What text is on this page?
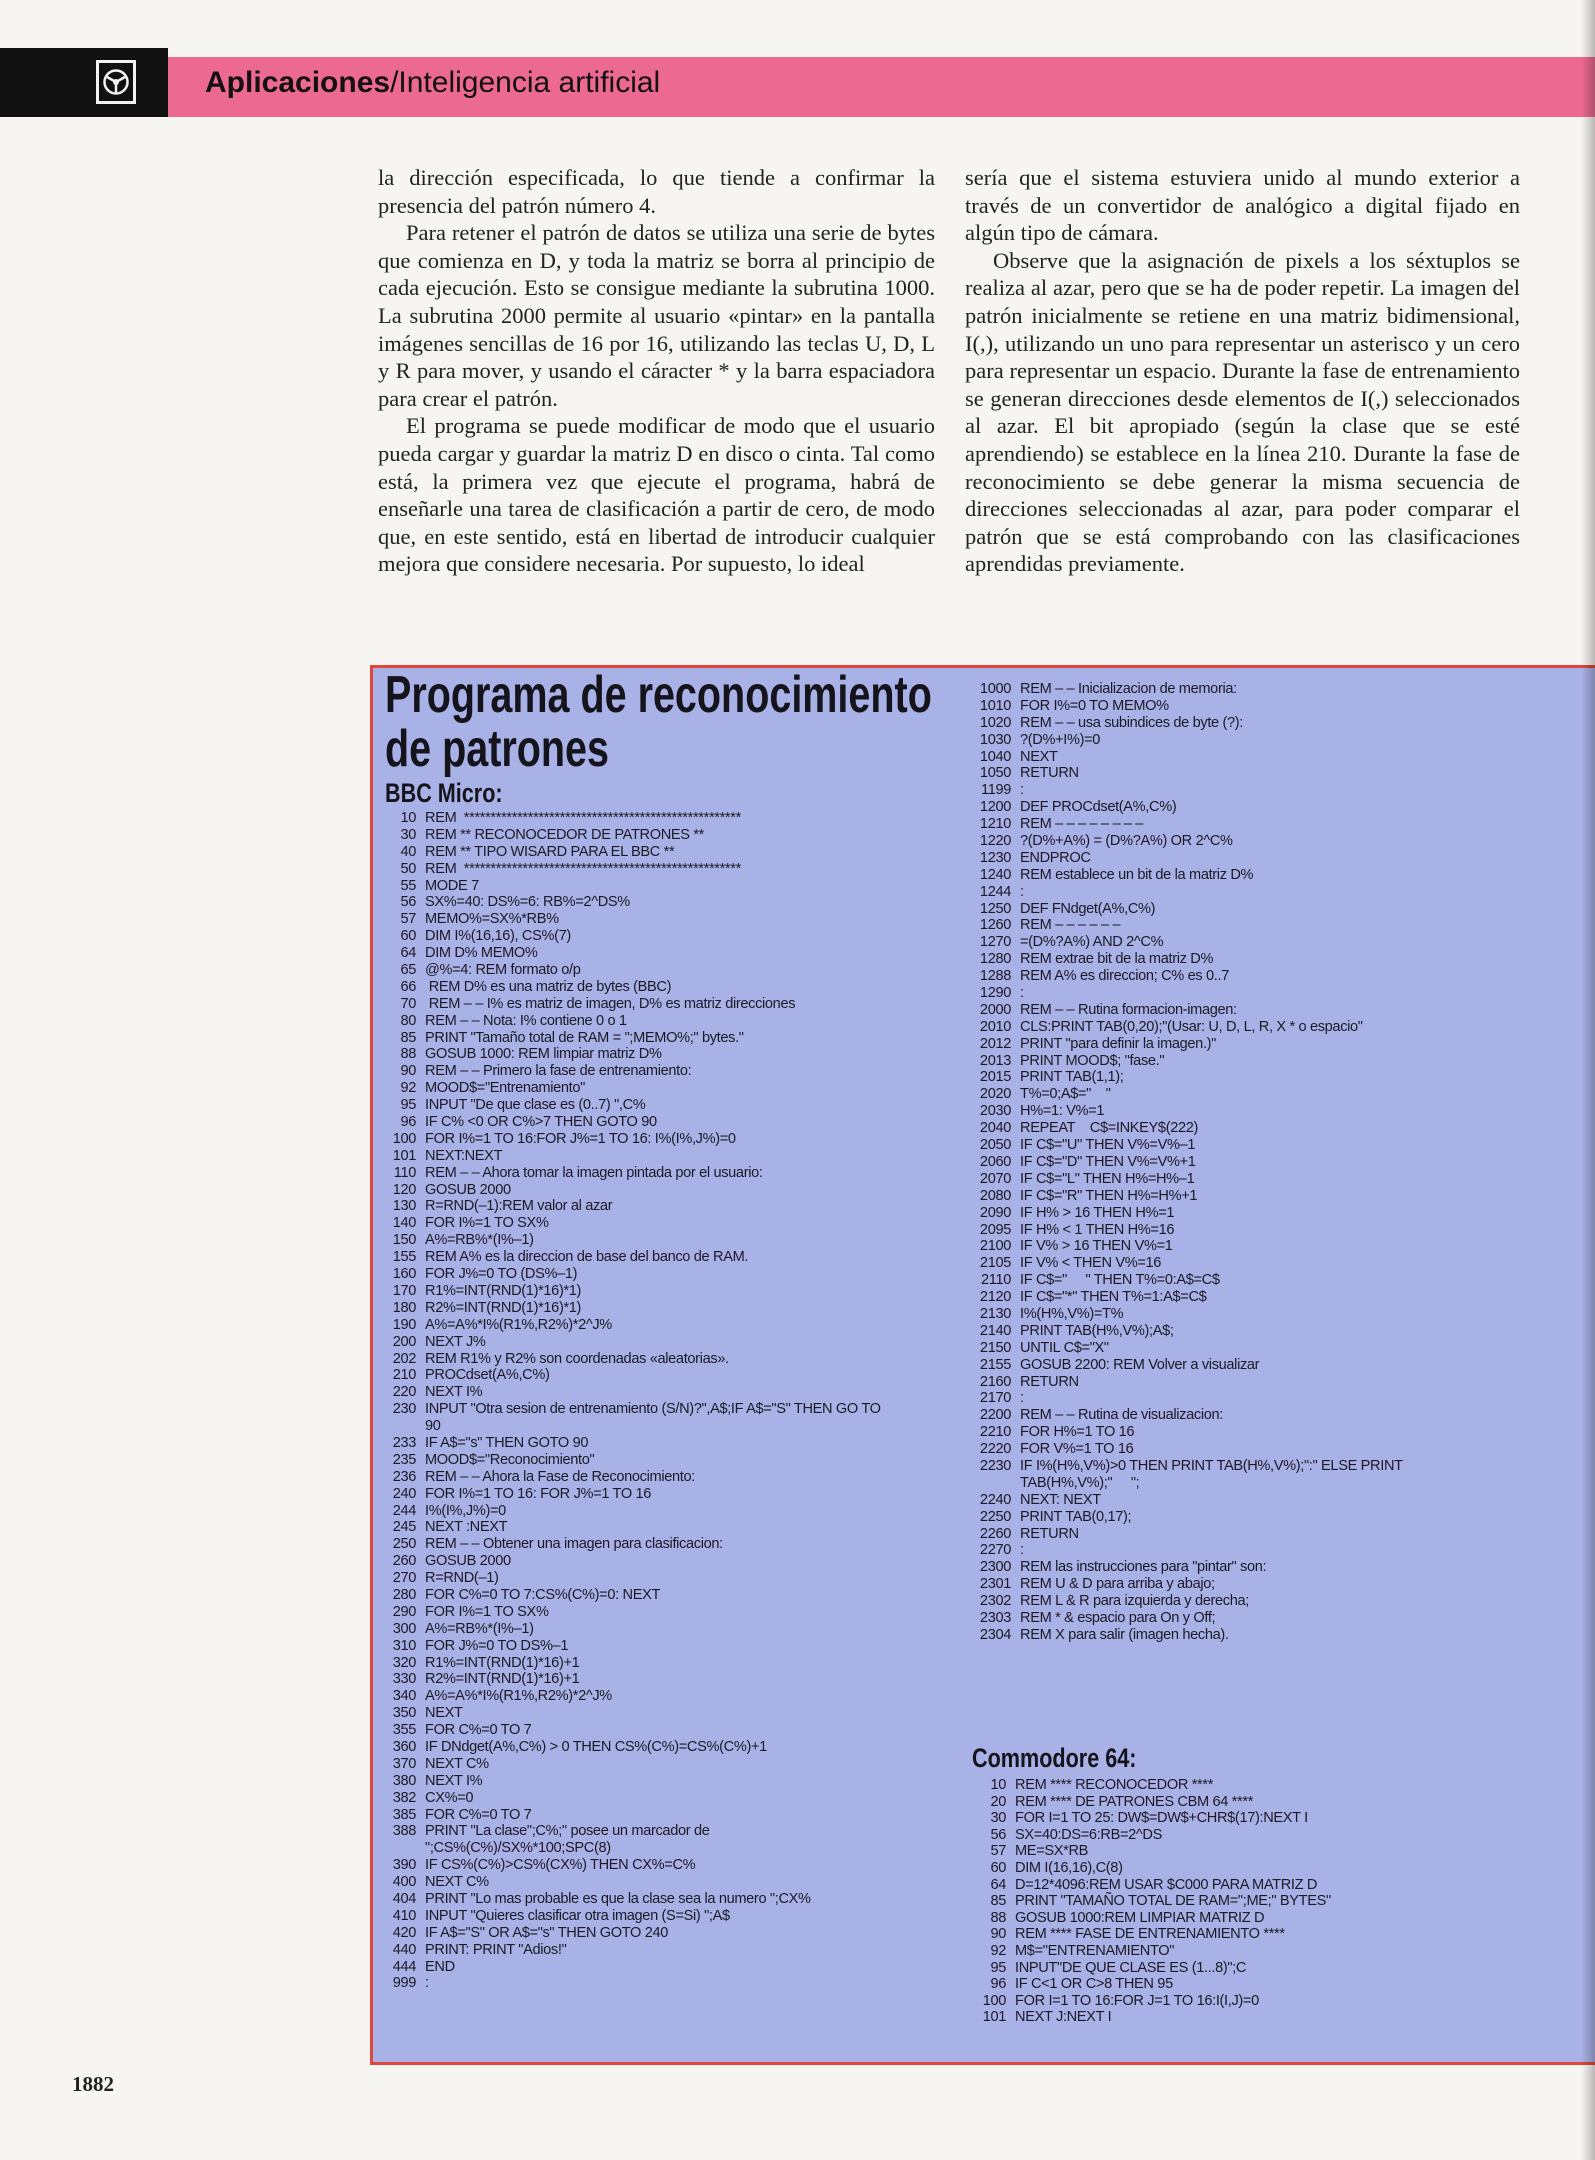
Aplicaciones/Inteligencia artificial

la dirección especificada, lo que tiende a confirmar la presencia del patrón número 4.

Para retener el patrón de datos se utiliza una serie de bytes que comienza en D, y toda la matriz se borra al principio de cada ejecución. Esto se consigue mediante la subrutina 1000. La subrutina 2000 permite al usuario «pintar» en la pantalla imágenes sencillas de 16 por 16, utilizando las teclas U, D, L y R para mover, y usando el cáracter * y la barra espaciadora para crear el patrón.

El programa se puede modificar de modo que el usuario pueda cargar y guardar la matriz D en disco o cinta. Tal como está, la primera vez que ejecute el programa, habrá de enseñarle una tarea de clasificación a partir de cero, de modo que, en este sentido, está en libertad de introducir cualquier mejora que considere necesaria. Por supuesto, lo ideal

sería que el sistema estuviera unido al mundo exterior a través de un convertidor de analógico a digital fijado en algún tipo de cámara.

Observe que la asignación de pixels a los séxtuplos se realiza al azar, pero que se ha de poder repetir. La imagen del patrón inicialmente se retiene en una matriz bidimensional, I(,), utilizando un uno para representar un asterisco y un cero para representar un espacio. Durante la fase de entrenamiento se generan direcciones desde elementos de I(,) seleccionados al azar. El bit apropiado (según la clase que se esté aprendiendo) se establece en la línea 210. Durante la fase de reconocimiento se debe generar la misma secuencia de direcciones seleccionadas al azar, para poder comparar el patrón que se está comprobando con las clasificaciones aprendidas previamente.

Programa de reconocimiento
de patrones
BBC Micro:
10 REM  ****************************************************
30 REM ** RECONOCEDOR DE PATRONES **
40 REM ** TIPO WISARD PARA EL BBC **
50 REM  ****************************************************
55 MODE 7
56 SX%=40: DS%=6: RB%=2^DS%
57 MEMO%=SX%*RB%
60 DIM I%(16,16), CS%(7)
64 DIM D% MEMO%
65 @%=4: REM formato o/p
66 REM D% es una matriz de bytes (BBC)
70 REM – – I% es matriz de imagen, D% es matriz direcciones
80 REM – – Nota: I% contiene 0 o 1
85 PRINT "Tamaño total de RAM = ";MEMO%;" bytes."
88 GOSUB 1000: REM limpiar matriz D%
90 REM – – Primero la fase de entrenamiento:
92 MOOD$="Entrenamiento"
95 INPUT "De que clase es (0..7) ",C%
96 IF C% <0 OR C%>7 THEN GOTO 90
100 FOR I%=1 TO 16:FOR J%=1 TO 16: I%(I%,J%)=0
101 NEXT:NEXT
110 REM – – Ahora tomar la imagen pintada por el usuario:
120 GOSUB 2000
130 R=RND(–1):REM valor al azar
140 FOR I%=1 TO SX%
150 A%=RB%*(I%–1)
155 REM A% es la direccion de base del banco de RAM.
160 FOR J%=0 TO (DS%–1)
170 R1%=INT(RND(1)*16)*1)
180 R2%=INT(RND(1)*16)*1)
190 A%=A%*I%(R1%,R2%)*2^J%
200 NEXT J%
202 REM R1% y R2% son coordenadas «aleatorias».
210 PROCdset(A%,C%)
220 NEXT I%
230 INPUT "Otra sesion de entrenamiento (S/N)?",A$;IF A$="S" THEN GO TO
90
233 IF A$="s" THEN GOTO 90
235 MOOD$="Reconocimiento"
236 REM – – Ahora la Fase de Reconocimiento:
240 FOR I%=1 TO 16: FOR J%=1 TO 16
244 I%(I%,J%)=0
245 NEXT :NEXT
250 REM – – Obtener una imagen para clasificacion:
260 GOSUB 2000
270 R=RND(–1)
280 FOR C%=0 TO 7:CS%(C%)=0: NEXT
290 FOR I%=1 TO SX%
300 A%=RB%*(I%–1)
310 FOR J%=0 TO DS%–1
320 R1%=INT(RND(1)*16)+1
330 R2%=INT(RND(1)*16)+1
340 A%=A%*I%(R1%,R2%)*2^J%
350 NEXT
355 FOR C%=0 TO 7
360 IF DNdget(A%,C%) > 0 THEN CS%(C%)=CS%(C%)+1
370 NEXT C%
380 NEXT I%
382 CX%=0
385 FOR C%=0 TO 7
388 PRINT "La clase";C%;" posee un marcador de
";CS%(C%)/SX%*100;SPC(8)
390 IF CS%(C%)>CS%(CX%) THEN CX%=C%
400 NEXT C%
404 PRINT "Lo mas probable es que la clase sea la numero ";CX%
410 INPUT "Quieres clasificar otra imagen (S=Si) ";A$
420 IF A$="S" OR A$="s" THEN GOTO 240
440 PRINT: PRINT "Adios!"
444 END
999 :
1000 REM – – Inicializacion de memoria:
1010 FOR I%=0 TO MEMO%
1020 REM – – usa subindices de byte (?):
1030 ?(D%+I%)=0
1040 NEXT
1050 RETURN
1199 :
1200 DEF PROCdset(A%,C%)
1210 REM – – – – – – – –
1220 ?(D%+A%) = (D%?A%) OR 2^C%
1230 ENDPROC
1240 REM establece un bit de la matriz D%
1244 :
1250 DEF FNdget(A%,C%)
1260 REM – – – – – –
1270 =(D%?A%) AND 2^C%
1280 REM extrae bit de la matriz D%
1288 REM A% es direccion; C% es 0..7
1290 :
2000 REM – – Rutina formacion-imagen:
2010 CLS:PRINT TAB(0,20);"(Usar: U, D, L, R, X * o espacio"
2012 PRINT "para definir la imagen.)"
2013 PRINT MOOD$; "fase."
2015 PRINT TAB(1,1);
2020 T%=0;A$="    "
2030 H%=1: V%=1
2040 REPEAT    C$=INKEY$(222)
2050 IF C$="U" THEN V%=V%–1
2060 IF C$="D" THEN V%=V%+1
2070 IF C$="L" THEN H%=H%–1
2080 IF C$="R" THEN H%=H%+1
2090 IF H% > 16 THEN H%=1
2095 IF H% < 1 THEN H%=16
2100 IF V% > 16 THEN V%=1
2105 IF V% < THEN V%=16
2110 IF C$="     " THEN T%=0:A$=C$
2120 IF C$="*" THEN T%=1:A$=C$
2130 I%(H%,V%)=T%
2140 PRINT TAB(H%,V%);A$;
2150 UNTIL C$="X"
2155 GOSUB 2200: REM Volver a visualizar
2160 RETURN
2170 :
2200 REM – – Rutina de visualizacion:
2210 FOR H%=1 TO 16
2220 FOR V%=1 TO 16
2230 IF I%(H%,V%)>0 THEN PRINT TAB(H%,V%);":" ELSE PRINT
TAB(H%,V%);"     ";
2240 NEXT: NEXT
2250 PRINT TAB(0,17);
2260 RETURN
2270 :
2300 REM las instrucciones para "pintar" son:
2301 REM U & D para arriba y abajo;
2302 REM L & R para izquierda y derecha;
2303 REM * & espacio para On y Off;
2304 REM X para salir (imagen hecha).
Commodore 64:
10 REM **** RECONOCEDOR ****
20 REM **** DE PATRONES CBM 64 ****
30 FOR I=1 TO 25: DW$=DW$+CHR$(17):NEXT I
56 SX=40:DS=6:RB=2^DS
57 ME=SX*RB
60 DIM I(16,16),C(8)
64 D=12*4096:REM USAR $C000 PARA MATRIZ D
85 PRINT "TAMAÑO TOTAL DE RAM=";ME;" BYTES"
88 GOSUB 1000:REM LIMPIAR MATRIZ D
90 REM **** FASE DE ENTRENAMIENTO ****
92 M$="ENTRENAMIENTO"
95 INPUT"DE QUE CLASE ES (1...8)";C
96 IF C<1 OR C>8 THEN 95
100 FOR I=1 TO 16:FOR J=1 TO 16:I(I,J)=0
101 NEXT J:NEXT I
1882
